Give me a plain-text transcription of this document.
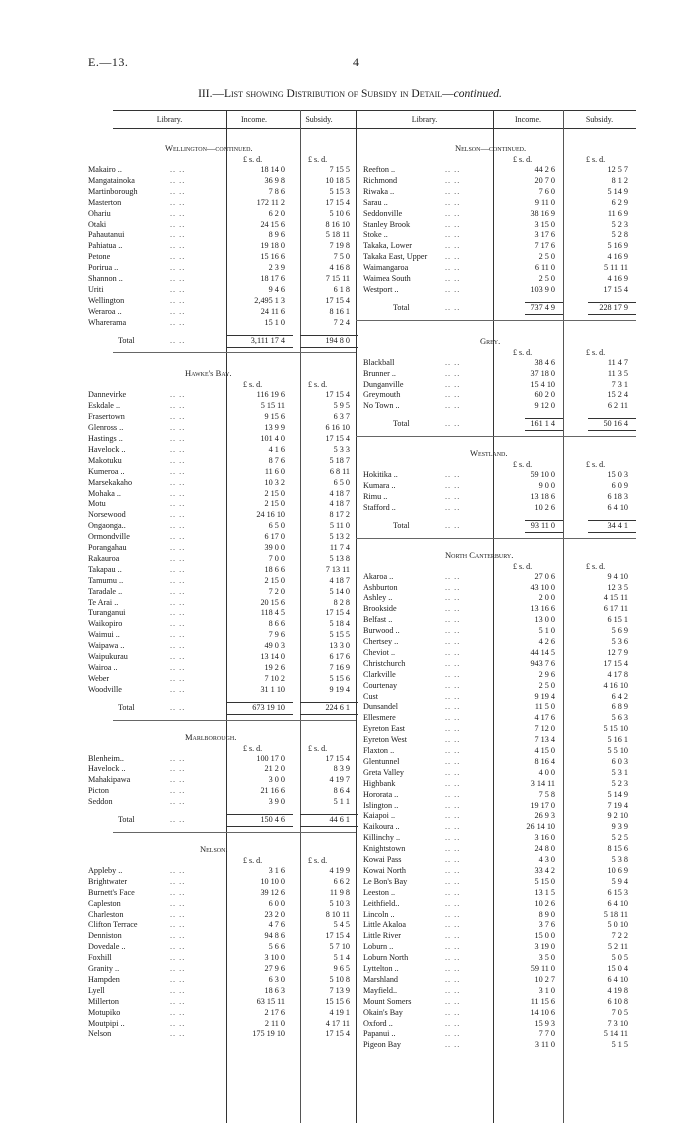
E.—13.	4
III.—List showing Distribution of Subsidy in Detail—continued.
Library.	Income.	Subsidy.	Library.	Income.	Subsidy.
Wellington—continued.
£ s. d.	£ s. d.
Makairo ..	.. ..	18 14 0	7 15 5
Mangatainoka	.. ..	36 9 8	10 18 5
Martinborough	.. ..	7 8 6	5 15 3
Masterton	.. ..	172 11 2	17 15 4
Ohariu	.. ..	6 2 0	5 10 6
Otaki	.. ..	24 15 6	8 16 10
Pahautanui	.. ..	8 9 6	5 18 11
Pahiatua ..	.. ..	19 18 0	7 19 8
Petone	.. ..	15 16 6	7 5 0
Porirua ..	.. ..	2 3 9	4 16 8
Shannon ..	.. ..	18 17 6	7 15 11
Uriti	.. ..	9 4 6	6 1 8
Wellington	.. ..	2,495 1 3	17 15 4
Weraroa ..	.. ..	24 11 6	8 16 1
Wharerama	.. ..	15 1 0	7 2 4
Total	.. ..	3,111 17 4	194 8 0
Hawke's Bay.
£ s. d.	£ s. d.
Dannevirke	.. ..	116 19 6	17 15 4
Eskdale ..	.. ..	5 15 11	5 9 5
Frasertown	.. ..	9 15 6	6 3 7
Glenross ..	.. ..	13 9 9	6 16 10
Hastings ..	.. ..	101 4 0	17 15 4
Havelock ..	.. ..	4 1 6	5 3 3
Makotuku	.. ..	8 7 6	5 18 7
Kumeroa ..	.. ..	11 6 0	6 8 11
Marsekakaho	.. ..	10 3 2	6 5 0
Mohaka ..	.. ..	2 15 0	4 18 7
Motu	.. ..	2 15 0	4 18 7
Norsewood	.. ..	24 16 10	8 17 2
Ongaonga..	.. ..	6 5 0	5 11 0
Ormondville	.. ..	6 17 0	5 13 2
Porangahau	.. ..	39 0 0	11 7 4
Rakauroa	.. ..	7 0 0	5 13 8
Takapau ..	.. ..	18 6 6	7 13 11
Tamumu ..	.. ..	2 15 0	4 18 7
Taradale ..	.. ..	7 2 0	5 14 0
Te Arai ..	.. ..	20 15 6	8 2 8
Turanganui	.. ..	118 4 5	17 15 4
Waikopiro	.. ..	8 6 6	5 18 4
Waimui ..	.. ..	7 9 6	5 15 5
Waipawa ..	.. ..	49 0 3	13 3 0
Waipukurau	.. ..	13 14 0	6 17 6
Wairoa ..	.. ..	19 2 6	7 16 9
Weber	.. ..	7 10 2	5 15 6
Woodville	.. ..	31 1 10	9 19 4
Total	.. ..	673 19 10	224 6 1
Marlborough.
£ s. d.	£ s. d.
Blenheim..	.. ..	100 17 0	17 15 4
Havelock ..	.. ..	21 2 0	8 3 9
Mahakipawa	.. ..	3 0 0	4 19 7
Picton	.. ..	21 16 6	8 6 4
Seddon	.. ..	3 9 0	5 1 1
Total	.. ..	150 4 6	44 6 1
Nelson.
£ s. d.	£ s. d.
Appleby ..	.. ..	3 1 6	4 19 9
Brightwater	.. ..	10 10 0	6 6 2
Burnett's Face	.. ..	39 12 6	11 9 8
Capleston	.. ..	6 0 0	5 10 3
Charleston	.. ..	23 2 0	8 10 11
Clifton Terrace	.. ..	4 7 6	5 4 5
Denniston	.. ..	94 8 6	17 15 4
Dovedale ..	.. ..	5 6 6	5 7 10
Foxhill	.. ..	3 10 0	5 1 4
Granity ..	.. ..	27 9 6	9 6 5
Hampden	.. ..	6 3 0	5 10 8
Lyell	.. ..	18 6 3	7 13 9
Millerton	.. ..	63 15 11	15 15 6
Motupiko	.. ..	2 17 6	4 19 1
Moutpipi ..	.. ..	2 11 0	4 17 11
Nelson	.. ..	175 19 10	17 15 4
Nelson—continued.
£ s. d.	£ s. d.
Reefton ..	.. ..	44 2 6	12 5 7
Richmond	.. ..	20 7 0	8 1 2
Riwaka ..	.. ..	7 6 0	5 14 9
Sarau ..	.. ..	9 11 0	6 2 9
Seddonville	.. ..	38 16 9	11 6 9
Stanley Brook	.. ..	3 15 0	5 2 3
Stoke ..	.. ..	3 17 6	5 2 8
Takaka, Lower	.. ..	7 17 6	5 16 9
Takaka East, Upper .. ..	2 5 0	4 16 9
Waimangaroa	.. ..	6 11 0	5 11 11
Waimea South	.. ..	2 5 0	4 16 9
Westport ..	.. ..	103 9 0	17 15 4
Total	.. ..	737 4 9	228 17 9
Grey.
£ s. d.	£ s. d.
Blackball	.. ..	38 4 6	11 4 7
Brunner ..	.. ..	37 18 0	11 3 5
Dunganville	.. ..	15 4 10	7 3 1
Greymouth	.. ..	60 2 0	15 2 4
No Town ..	.. ..	9 12 0	6 2 11
Total	.. ..	161 1 4	50 16 4
Westland.
£ s. d.	£ s. d.
Hokitika ..	.. ..	59 10 0	15 0 3
Kumara ..	.. ..	9 0 0	6 0 9
Rimu ..	.. ..	13 18 6	6 18 3
Stafford ..	.. ..	10 2 6	6 4 10
Total	.. ..	93 11 0	34 4 1
North Canterbury.
£ s. d.	£ s. d.
Akaroa ..	.. ..	27 0 6	9 4 10
Ashburton	.. ..	43 10 0	12 3 5
Ashley ..	.. ..	2 0 0	4 15 11
Brookside	.. ..	13 16 6	6 17 11
Belfast ..	.. ..	13 0 0	6 15 1
Burwood ..	.. ..	5 1 0	5 6 9
Chertsey ..	.. ..	4 2 6	5 3 6
Cheviot ..	.. ..	44 14 5	12 7 9
Christchurch	.. ..	943 7 6	17 15 4
Clarkville	.. ..	2 9 6	4 17 8
Courtenay	.. ..	2 5 0	4 16 10
Cust	.. ..	9 19 4	6 4 2
Dunsandel	.. ..	11 5 0	6 8 9
Ellesmere	.. ..	4 17 6	5 6 3
Eyreton East	.. ..	7 12 0	5 15 10
Eyreton West	.. ..	7 13 4	5 16 1
Flaxton ..	.. ..	4 15 0	5 5 10
Glentunnel	.. ..	8 16 4	6 0 3
Greta Valley	.. ..	4 0 0	5 3 1
Highbank	.. ..	3 14 11	5 2 3
Hororata ..	.. ..	7 5 8	5 14 9
Islington ..	.. ..	19 17 0	7 19 4
Kaiapoi ..	.. ..	26 9 3	9 2 10
Kaikoura ..	.. ..	26 14 10	9 3 9
Killinchy ..	.. ..	3 16 0	5 2 5
Knightstown	.. ..	24 8 0	8 15 6
Kowai Pass	.. ..	4 3 0	5 3 8
Kowai North	.. ..	33 4 2	10 6 9
Le Bon's Bay	.. ..	5 15 0	5 9 4
Leeston ..	.. ..	13 1 5	6 15 3
Leithfield..	.. ..	10 2 6	6 4 10
Lincoln ..	.. ..	8 9 0	5 18 11
Little Akaloa	.. ..	3 7 6	5 0 10
Little River	.. ..	15 0 0	7 2 2
Loburn ..	.. ..	3 19 0	5 2 11
Loburn North	.. ..	3 5 0	5 0 5
Lyttelton ..	.. ..	59 11 0	15 0 4
Marshland	.. ..	10 2 7	6 4 10
Mayfield..	.. ..	3 1 0	4 19 8
Mount Somers	.. ..	11 15 6	6 10 8
Okain's Bay	.. ..	14 10 6	7 0 5
Oxford ..	.. ..	15 9 3	7 3 10
Papanui ..	.. ..	7 7 0	5 14 11
Pigeon Bay	.. ..	3 11 0	5 1 5
